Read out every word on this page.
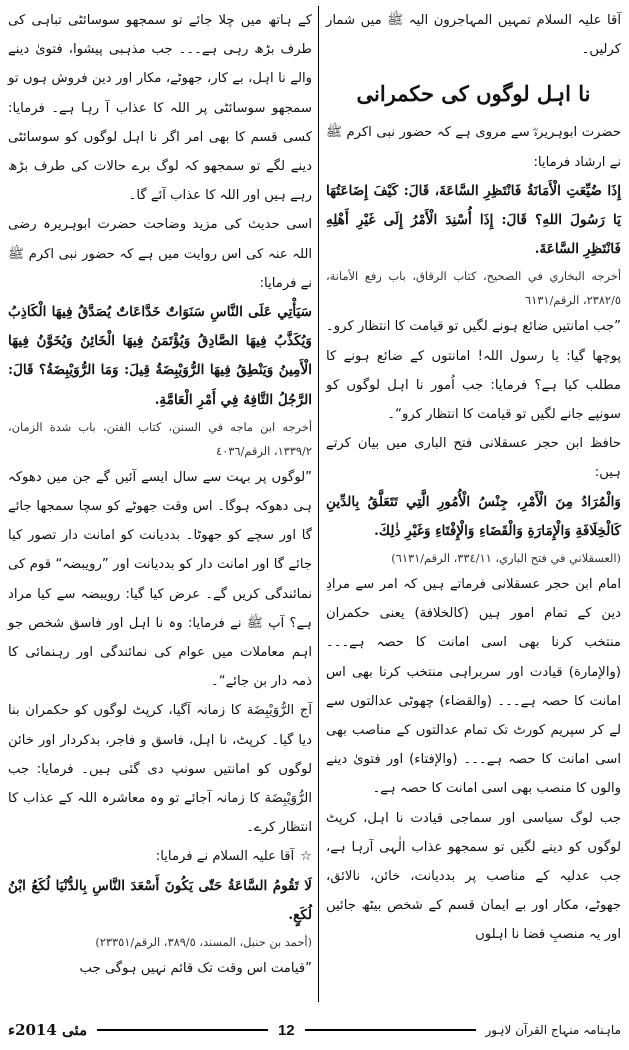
آقا علیہ السلام تمہیں المہاجرون الیہ ﷺ میں شمار کرلیں۔

نا اہل لوگوں کی حکمرانی

حضرت ابوہریرہؓ سے مروی ہے کہ حضور نبی اکرم ﷺ نے ارشاد فرمایا:

إِذَا ضُيِّعَتِ الْأَمَانَةُ فَانْتَظِرِ السَّاعَةَ، قَالَ: كَيْفَ إِضَاعَتُهَا يَا رَسُولَ اللهِ؟ قَالَ: إِذَا أُسْنِدَ الْأَمْرُ إِلَى غَيْرِ أَهْلِهِ فَانْتَظِرِ السَّاعَةَ.

أخرجه البخاري في الصحيح، كتاب الرقاق، باب رفع الأمانة، ٢٣٨٢/٥، الرقم/٦١٣١

”جب امانتیں ضائع ہونے لگیں تو قیامت کا انتظار کرو۔ پوچھا گیا: یا رسول اللہ! امانتوں کے ضائع ہونے کا مطلب کیا ہے؟ فرمایا: جب اُمور نا اہل لوگوں کو سونپے جانے لگیں تو قیامت کا انتظار کرو“۔

حافظ ابن حجر عسقلانی فتح الباری میں بیان کرتے ہیں:

وَالْمُرَادُ مِنَ الْأَمْرِ، جِنْسُ الْأُمُورِ الَّتِي تَتَعَلَّقُ بِالدِّينِ كَالْخِلَافَةِ وَالْإِمَارَةِ وَالْقَضَاءِ وَالْإِفْتَاءِ وَغَيْرِ ذٰلِكَ.

(العسقلاني في فتح الباري، ٣٣٤/١١، الرقم/٦١٣١)

امام ابن حجر عسقلانی فرماتے ہیں کہ امر سے مرادِ دین کے تمام امور ہیں (کالخلافة) یعنی حکمران منتخب کرنا بھی اسی امانت کا حصہ ہے۔۔۔ (والإمارة) قیادت اور سربراہی منتخب کرنا بھی اس امانت کا حصہ ہے۔۔۔ (والقضاء) چھوٹی عدالتوں سے لے کر سپریم کورٹ تک تمام عدالتوں کے مناصب بھی اسی امانت کا حصہ ہے۔۔۔ (والإفتاء) اور فتویٰ دینے والوں کا منصب بھی اسی امانت کا حصہ ہے۔

جب لوگ سیاسی اور سماجی قیادت نا اہل، کرپٹ لوگوں کو دینے لگیں تو سمجھو عذاب الٰہی آرہا ہے، جب عدلیہ کے مناصب پر بددیانت، خائن، نالائق، جھوٹے، مکار اور بے ایمان قسم کے شخص بیٹھ جائیں اور یہ منصبِ قضا نا اہلوں

کے ہاتھ میں چلا جائے تو سمجھو سوسائٹی تباہی کی طرف بڑھ رہی ہے۔۔۔ جب مذہبی پیشوا، فتویٰ دینے والے نا اہل، بے کار، جھوٹے، مکار اور دین فروش ہوں تو سمجھو سوسائٹی پر اللہ کا عذاب آ رہا ہے۔ فرمایا: کسی قسم کا بھی امر اگر نا اہل لوگوں کو سوسائٹی دینے لگے تو سمجھو کہ لوگ برے حالات کی طرف بڑھ رہے ہیں اور اللہ کا عذاب آئے گا۔

اسی حدیث کی مزید وضاحت حضرت ابوہریرہ رضی اللہ عنہ کی اس روایت میں ہے کہ حضور نبی اکرم ﷺ نے فرمایا:

سَيَأْتِي عَلَى النَّاسِ سَنَوَاتٌ خَدَّاعَاتٌ يُصَدَّقُ فِيهَا الْكَاذِبُ وَيُكَذَّبُ فِيهَا الصَّادِقُ وَيُؤْتَمَنُ فِيهَا الْخَائِنُ وَيُخَوَّنُ فِيهَا الْأَمِينُ وَيَنْطِقُ فِيهَا الرُّوَيْبِضَةُ قِيلَ: وَمَا الرُّوَيْبِضَةُ؟ قَالَ: الرَّجُلُ التَّافِهُ فِي أَمْرِ الْعَامَّةِ.

أخرجه ابن ماجه في السنن، كتاب الفتن، باب شدة الزمان، ١٣٣٩/٢، الرقم/٤٠٣٦

”لوگوں پر بہت سے سال ایسے آئیں گے جن میں دھوکہ ہی دھوکہ ہوگا۔ اس وقت جھوٹے کو سچا سمجھا جائے گا اور سچے کو جھوٹا۔ بددیانت کو امانت دار تصور کیا جائے گا اور امانت دار کو بددیانت اور ”رویبضہ“ قوم کی نمائندگی کریں گے۔ عرض کیا گیا: رویبضہ سے کیا مراد ہے؟ آپ ﷺ نے فرمایا: وہ نا اہل اور فاسق شخص جو اہم معاملات میں عوام کی نمائندگی اور رہنمائی کا ذمہ دار بن جائے“۔

آج الرُّوَيْبِضَة کا زمانہ آگیا، کرپٹ لوگوں کو حکمران بنا دیا گیا۔ کرپٹ، نا اہل، فاسق و فاجر، بدکردار اور خائن لوگوں کو امانتیں سونپ دی گئی ہیں۔ فرمایا: جب الرُّوَيْبِضَة کا زمانہ آجائے تو وہ معاشرہ اللہ کے عذاب کا انتظار کرے۔

☆آقا علیہ السلام نے فرمایا:

لَا تَقُومُ السَّاعَةُ حَتّٰى يَكُونَ أَسْعَدَ النَّاسِ بِالدُّنْيَا لُكَعُ ابْنُ لُكَعٍ.

(أحمد بن حنبل، المسند، ٣٨٩/٥، الرقم/٢٣٣٥١)

”قیامت اس وقت تک قائم نہیں ہوگی جب

ماہنامہ منہاج القرآن لاہور
12
مئی 2014ء
